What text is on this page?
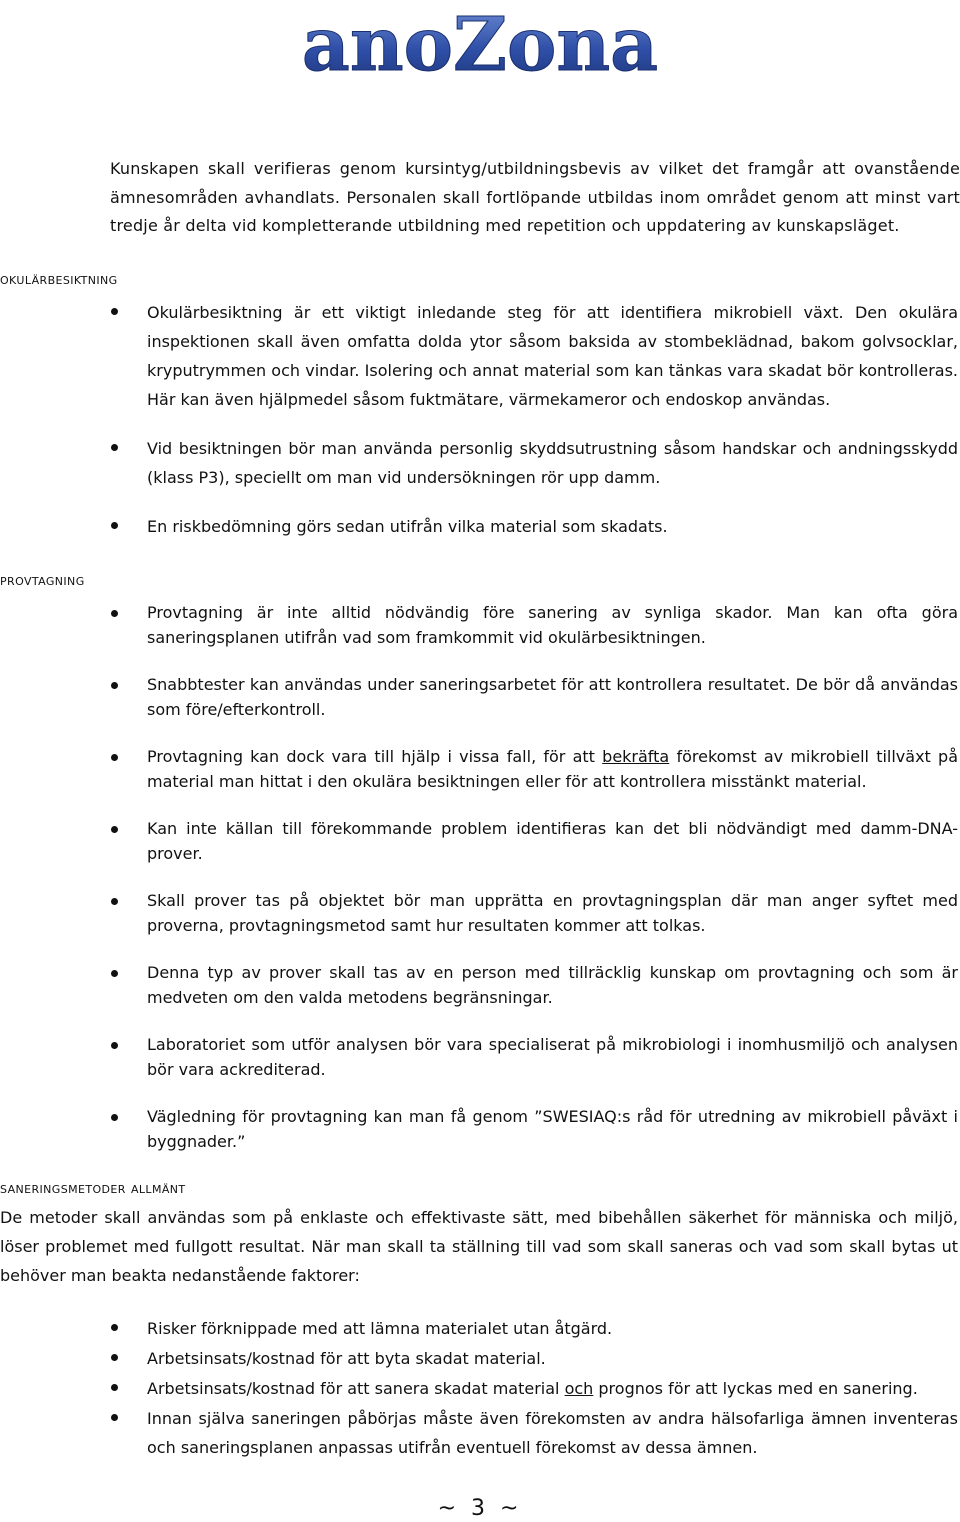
anoZona
Kunskapen skall verifieras genom kursintyg/utbildningsbevis av vilket det framgår att ovanstående ämnesområden avhandlats. Personalen skall fortlöpande utbildas inom området genom att minst vart tredje år delta vid kompletterande utbildning med repetition och uppdatering av kunskapsläget.
okulärbesiktning
Okulärbesiktning är ett viktigt inledande steg för att identifiera mikrobiell växt. Den okulära inspektionen skall även omfatta dolda ytor såsom baksida av stombeklädnad, bakom golvsocklar, kryputrymmen och vindar. Isolering och annat material som kan tänkas vara skadat bör kontrolleras. Här kan även hjälpmedel såsom fuktmätare, värmekameror och endoskop användas.
Vid besiktningen bör man använda personlig skyddsutrustning såsom handskar och andningsskydd (klass P3), speciellt om man vid undersökningen rör upp damm.
En riskbedömning görs sedan utifrån vilka material som skadats.
provtagning
Provtagning är inte alltid nödvändig före sanering av synliga skador. Man kan ofta göra saneringsplanen utifrån vad som framkommit vid okulärbesiktningen.
Snabbtester kan användas under saneringsarbetet för att kontrollera resultatet. De bör då användas som före/efterkontroll.
Provtagning kan dock vara till hjälp i vissa fall, för att bekräfta förekomst av mikrobiell tillväxt på material man hittat i den okulära besiktningen eller för att kontrollera misstänkt material.
Kan inte källan till förekommande problem identifieras kan det bli nödvändigt med damm-DNA-prover.
Skall prover tas på objektet bör man upprätta en provtagningsplan där man anger syftet med proverna, provtagningsmetod samt hur resultaten kommer att tolkas.
Denna typ av prover skall tas av en person med tillräcklig kunskap om provtagning och som är medveten om den valda metodens begränsningar.
Laboratoriet som utför analysen bör vara specialiserat på mikrobiologi i inomhusmiljö och analysen bör vara ackrediterad.
Vägledning för provtagning kan man få genom ”SWESIAQ:s råd för utredning av mikrobiell påväxt i byggnader.”
saneringsmetoder allmänt
De metoder skall användas som på enklaste och effektivaste sätt, med bibehållen säkerhet för människa och miljö, löser problemet med fullgott resultat. När man skall ta ställning till vad som skall saneras och vad som skall bytas ut behöver man beakta nedanstående faktorer:
Risker förknippade med att lämna materialet utan åtgärd.
Arbetsinsats/kostnad för att byta skadat material.
Arbetsinsats/kostnad för att sanera skadat material och prognos för att lyckas med en sanering.
Innan själva saneringen påbörjas måste även förekomsten av andra hälsofarliga ämnen inventeras och saneringsplanen anpassas utifrån eventuell förekomst av dessa ämnen.
~ 3 ~
